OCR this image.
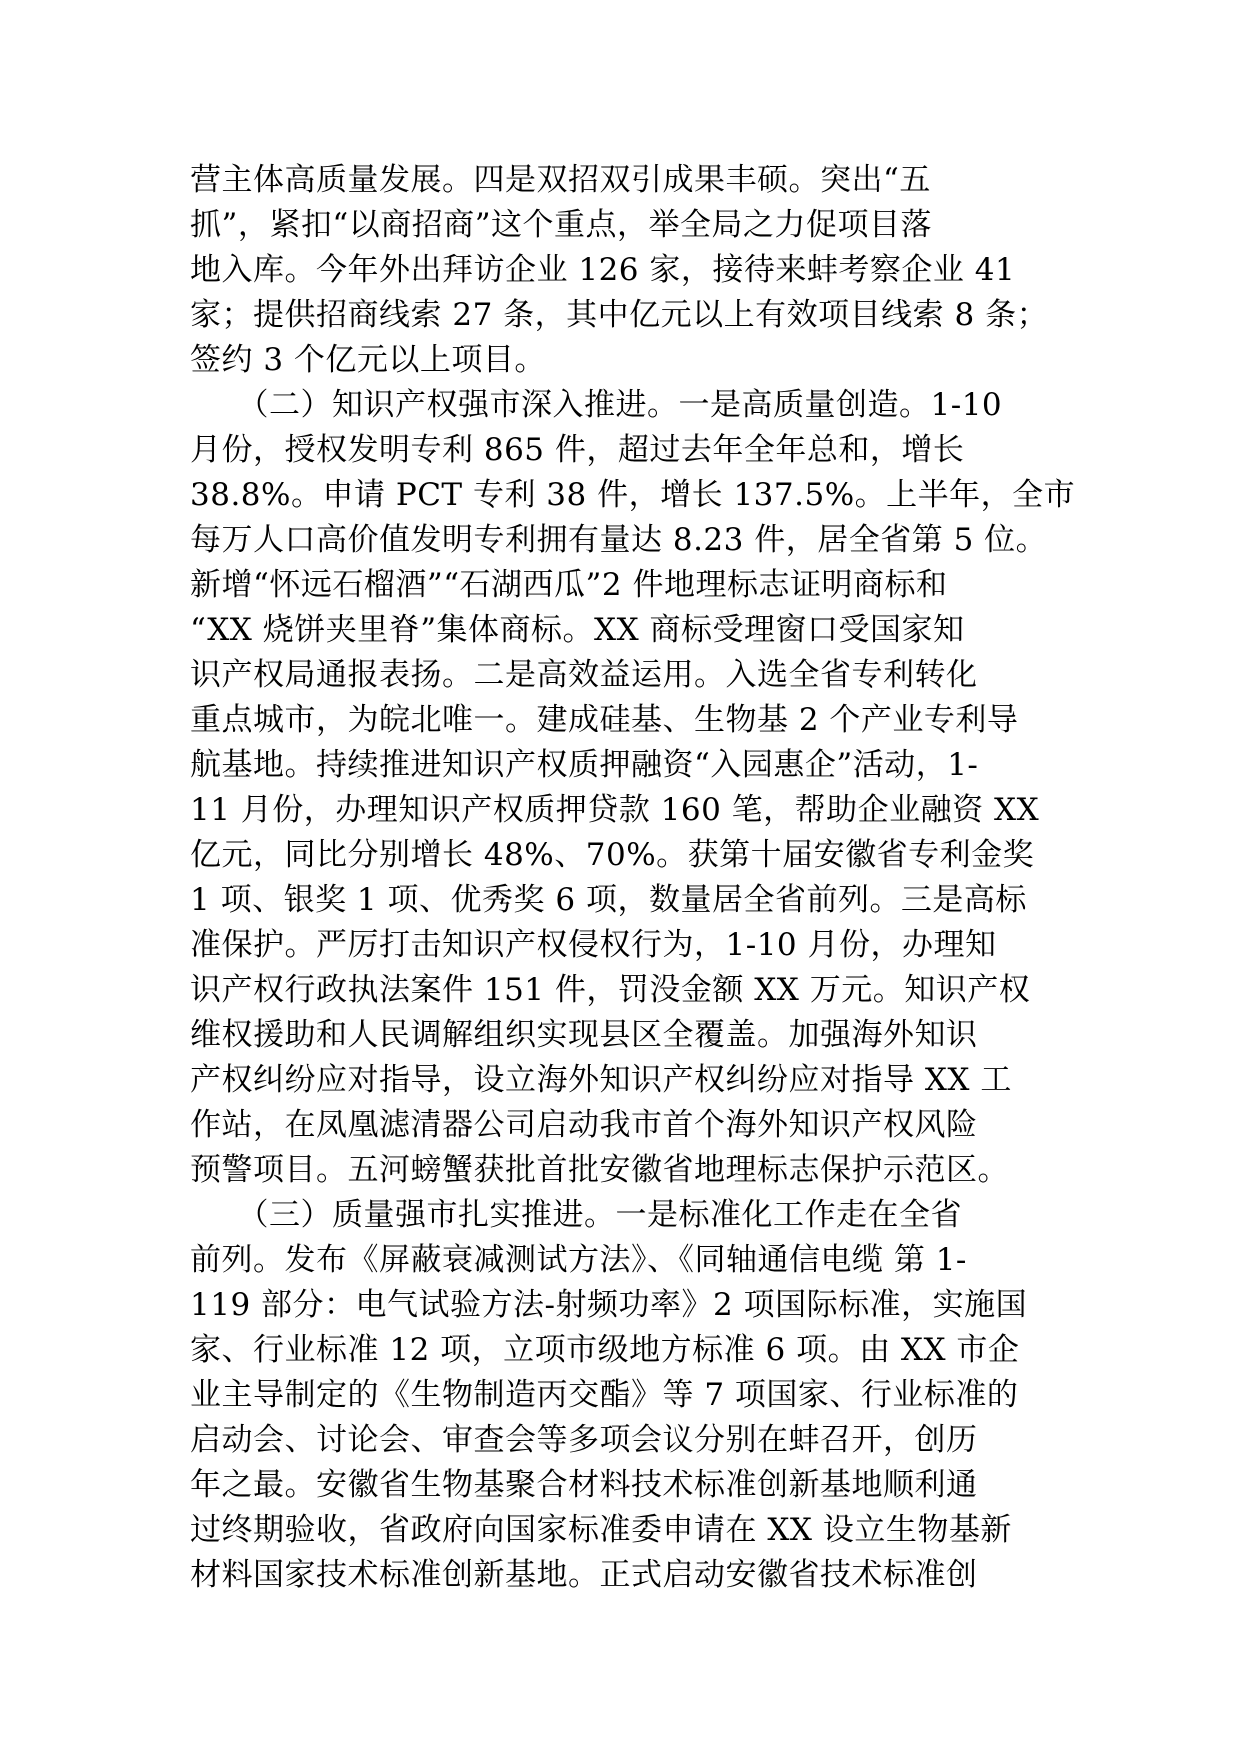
营主体高质量发展。四是双招双引成果丰硕。突出“五
抓”，紧扣“以商招商”这个重点，举全局之力促项目落
地入库。今年外出拜访企业 126 家，接待来蚌考察企业 41
家；提供招商线索 27 条，其中亿元以上有效项目线索 8 条；
签约 3 个亿元以上项目。
　　（二）知识产权强市深入推进。一是高质量创造。1-10
月份，授权发明专利 865 件，超过去年全年总和，增长
38.8%。申请 PCT 专利 38 件，增长 137.5%。上半年，全市
每万人口高价值发明专利拥有量达 8.23 件，居全省第 5 位。
新增“怀远石榴酒”“石湖西瓜”2 件地理标志证明商标和
“XX 烧饼夹里脊”集体商标。XX 商标受理窗口受国家知
识产权局通报表扬。二是高效益运用。入选全省专利转化
重点城市，为皖北唯一。建成硅基、生物基 2 个产业专利导
航基地。持续推进知识产权质押融资“入园惠企”活动，1-
11 月份，办理知识产权质押贷款 160 笔，帮助企业融资 XX
亿元，同比分别增长 48%、70%。获第十届安徽省专利金奖
1 项、银奖 1 项、优秀奖 6 项，数量居全省前列。三是高标
准保护。严厉打击知识产权侵权行为，1-10 月份，办理知
识产权行政执法案件 151 件，罚没金额 XX 万元。知识产权
维权援助和人民调解组织实现县区全覆盖。加强海外知识
产权纠纷应对指导，设立海外知识产权纠纷应对指导 XX 工
作站，在凤凰滤清器公司启动我市首个海外知识产权风险
预警项目。五河螃蟹获批首批安徽省地理标志保护示范区。
　　（三）质量强市扎实推进。一是标准化工作走在全省
前列。发布《屏蔽衰减测试方法》、《同轴通信电缆 第 1-
119 部分：电气试验方法-射频功率》2 项国际标准，实施国
家、行业标准 12 项，立项市级地方标准 6 项。由 XX 市企
业主导制定的《生物制造丙交酯》等 7 项国家、行业标准的
启动会、讨论会、审查会等多项会议分别在蚌召开，创历
年之最。安徽省生物基聚合材料技术标准创新基地顺利通
过终期验收，省政府向国家标准委申请在 XX 设立生物基新
材料国家技术标准创新基地。正式启动安徽省技术标准创
